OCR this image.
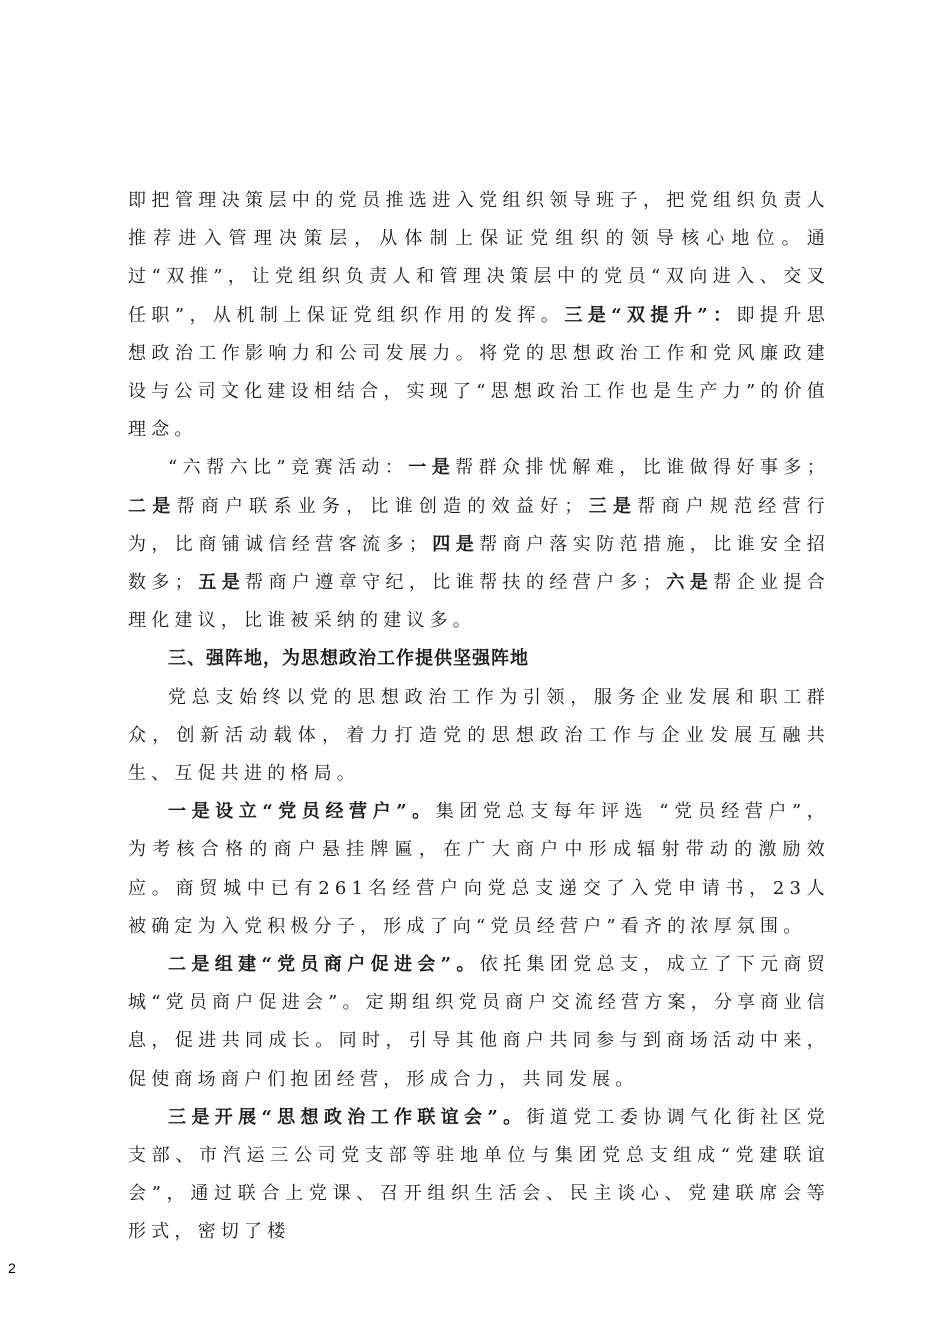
即把管理决策层中的党员推选进入党组织领导班子，把党组织负责人推荐进入管理决策层，从体制上保证党组织的领导核心地位。通过“双推”，让党组织负责人和管理决策层中的党员“双向进入、交叉任职”，从机制上保证党组织作用的发挥。三是“双提升”：即提升思想政治工作影响力和公司发展力。将党的思想政治工作和党风廉政建设与公司文化建设相结合，实现了“思想政治工作也是生产力”的价值理念。

“六帮六比”竞赛活动：一是帮群众排忧解难，比谁做得好事多；二是帮商户联系业务，比谁创造的效益好；三是帮商户规范经营行为，比商铺诚信经营客流多；四是帮商户落实防范措施，比谁安全招数多；五是帮商户遵章守纪，比谁帮扶的经营户多；六是帮企业提合理化建议，比谁被采纳的建议多。

三、强阵地，为思想政治工作提供坚强阵地

党总支始终以党的思想政治工作为引领，服务企业发展和职工群众，创新活动载体，着力打造党的思想政治工作与企业发展互融共生、互促共进的格局。

一是设立“党员经营户”。集团党总支每年评选 “党员经营户”，为考核合格的商户悬挂牌匾，在广大商户中形成辐射带动的激励效应。商贸城中已有261名经营户向党总支递交了入党申请书，23人被确定为入党积极分子，形成了向“党员经营户”看齐的浓厚氛围。

二是组建“党员商户促进会”。依托集团党总支，成立了下元商贸城“党员商户促进会”。定期组织党员商户交流经营方案，分享商业信息，促进共同成长。同时，引导其他商户共同参与到商场活动中来，促使商场商户们抱团经营，形成合力，共同发展。

三是开展“思想政治工作联谊会”。街道党工委协调气化街社区党支部、市汽运三公司党支部等驻地单位与集团党总支组成“党建联谊会”，通过联合上党课、召开组织生活会、民主谈心、党建联席会等形式，密切了楼

2
